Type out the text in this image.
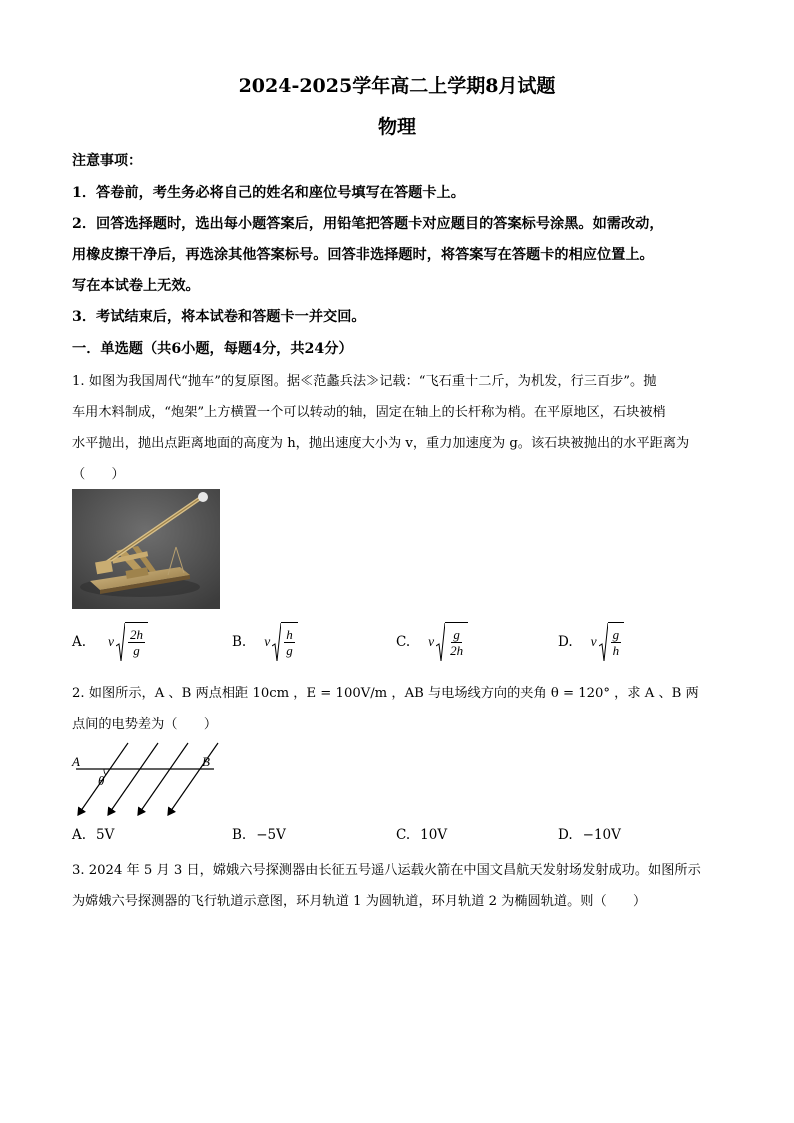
2024-2025学年高二上学期8月试题
物理
注意事项：
1．答卷前，考生务必将自己的姓名和座位号填写在答题卡上。
2．回答选择题时，选出每小题答案后，用铅笔把答题卡对应题目的答案标号涂黑。如需改动，
用橡皮擦干净后，再选涂其他答案标号。回答非选择题时，将答案写在答题卡的相应位置上。
写在本试卷上无效。
3．考试结束后，将本试卷和答题卡一并交回。
一．单选题（共6小题，每题4分，共24分）
1. 如图为我国周代“抛车”的复原图。据≪范蠡兵法≫记载：“飞石重十二斤，为机发，行三百步”。抛
车用木料制成，“炮架”上方横置一个可以转动的轴，固定在轴上的长杆称为梢。在平原地区，石块被梢
水平抛出，抛出点距离地面的高度为 h，抛出速度大小为 v，重力加速度为 g。该石块被抛出的水平距离为
（　　）
A. v $\frac{2h}{g}$	B. v $\frac{h}{g}$	C. v $\frac{g}{2h}$	D. v $\frac{g}{h}$
2. 如图所示，A 、B 两点相距 10cm ，E = 100V/m ，AB 与电场线方向的夹角 θ = 120° ，求 A 、B 两
点间的电势差为（　　）
A	B
θ
A. 5V	B. −5V	C. 10V	D. −10V
3. 2024 年 5 月 3 日，嫦娥六号探测器由长征五号遥八运载火箭在中国文昌航天发射场发射成功。如图所示
为嫦娥六号探测器的飞行轨道示意图，环月轨道 1 为圆轨道，环月轨道 2 为椭圆轨道。则（　　）
